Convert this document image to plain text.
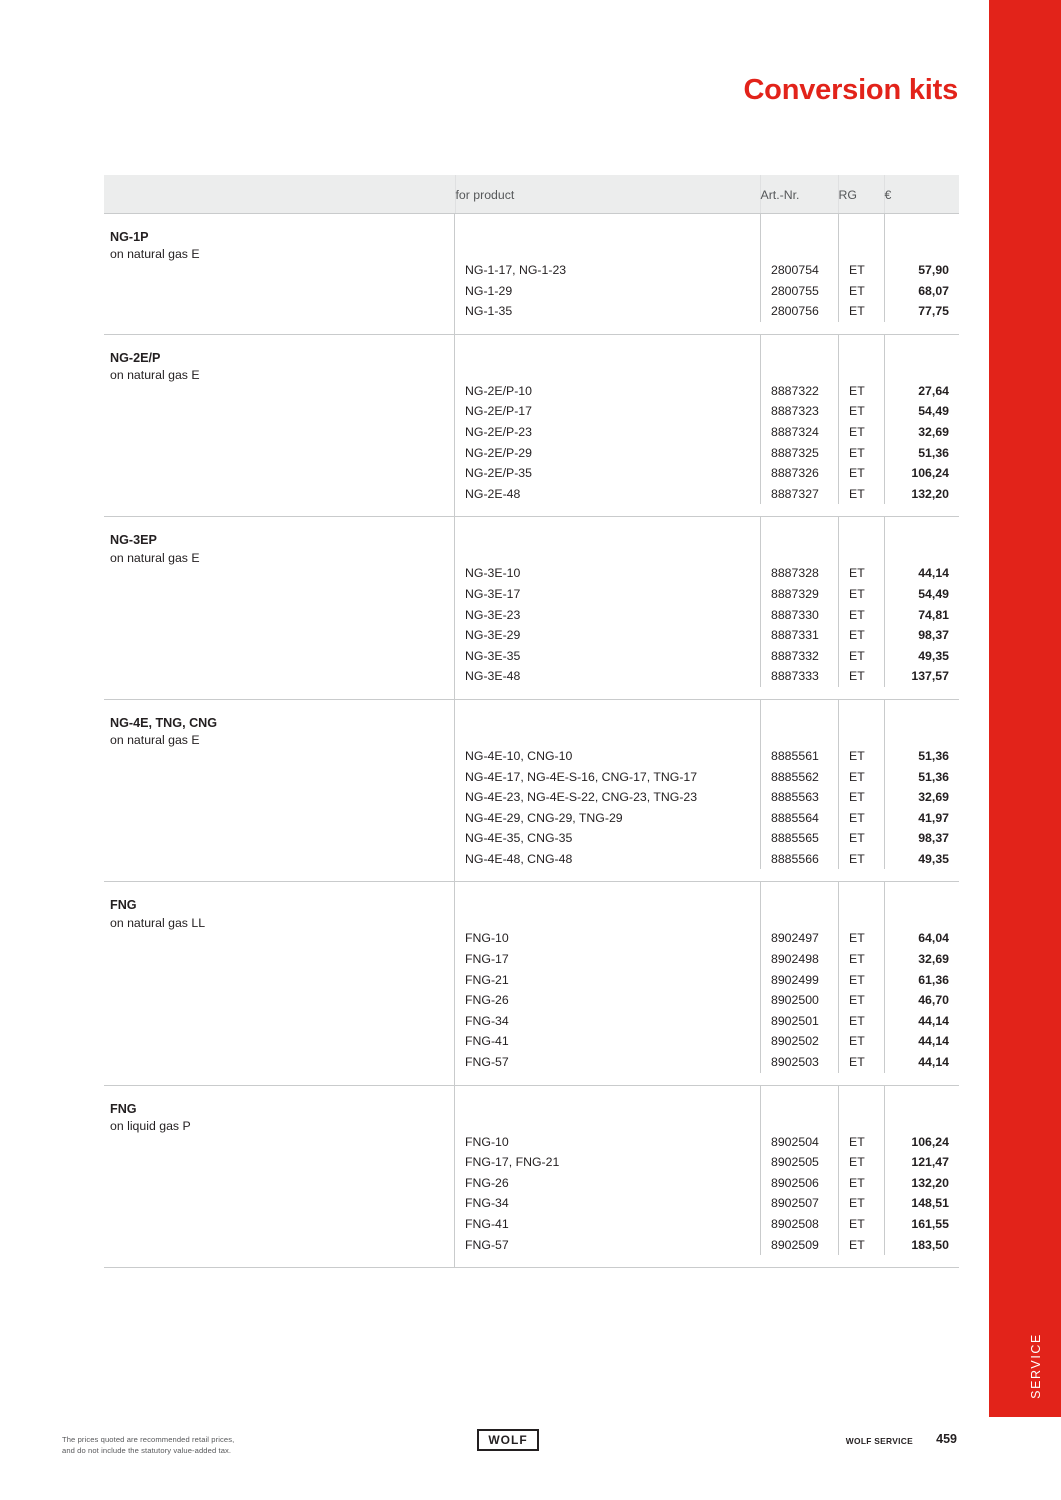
SERVICE
Conversion kits
	for product	Art.-Nr.	RG	€
NG-1P
on natural gas E
NG-1-17, NG-1-23	2800754	ET	57,90
NG-1-29	2800755	ET	68,07
NG-1-35	2800756	ET	77,75
NG-2E/P
on natural gas E
NG-2E/P-10	8887322	ET	27,64
NG-2E/P-17	8887323	ET	54,49
NG-2E/P-23	8887324	ET	32,69
NG-2E/P-29	8887325	ET	51,36
NG-2E/P-35	8887326	ET	106,24
NG-2E-48	8887327	ET	132,20
NG-3EP
on natural gas E
NG-3E-10	8887328	ET	44,14
NG-3E-17	8887329	ET	54,49
NG-3E-23	8887330	ET	74,81
NG-3E-29	8887331	ET	98,37
NG-3E-35	8887332	ET	49,35
NG-3E-48	8887333	ET	137,57
NG-4E, TNG, CNG
on natural gas E
NG-4E-10, CNG-10	8885561	ET	51,36
NG-4E-17, NG-4E-S-16, CNG-17, TNG-17	8885562	ET	51,36
NG-4E-23, NG-4E-S-22, CNG-23, TNG-23	8885563	ET	32,69
NG-4E-29, CNG-29, TNG-29	8885564	ET	41,97
NG-4E-35, CNG-35	8885565	ET	98,37
NG-4E-48, CNG-48	8885566	ET	49,35
FNG
on natural gas LL
FNG-10	8902497	ET	64,04
FNG-17	8902498	ET	32,69
FNG-21	8902499	ET	61,36
FNG-26	8902500	ET	46,70
FNG-34	8902501	ET	44,14
FNG-41	8902502	ET	44,14
FNG-57	8902503	ET	44,14
FNG
on liquid gas P
FNG-10	8902504	ET	106,24
FNG-17, FNG-21	8902505	ET	121,47
FNG-26	8902506	ET	132,20
FNG-34	8902507	ET	148,51
FNG-41	8902508	ET	161,55
FNG-57	8902509	ET	183,50
The prices quoted are recommended retail prices,
and do not include the statutory value-added tax.
WOLF	WOLF SERVICE 459
